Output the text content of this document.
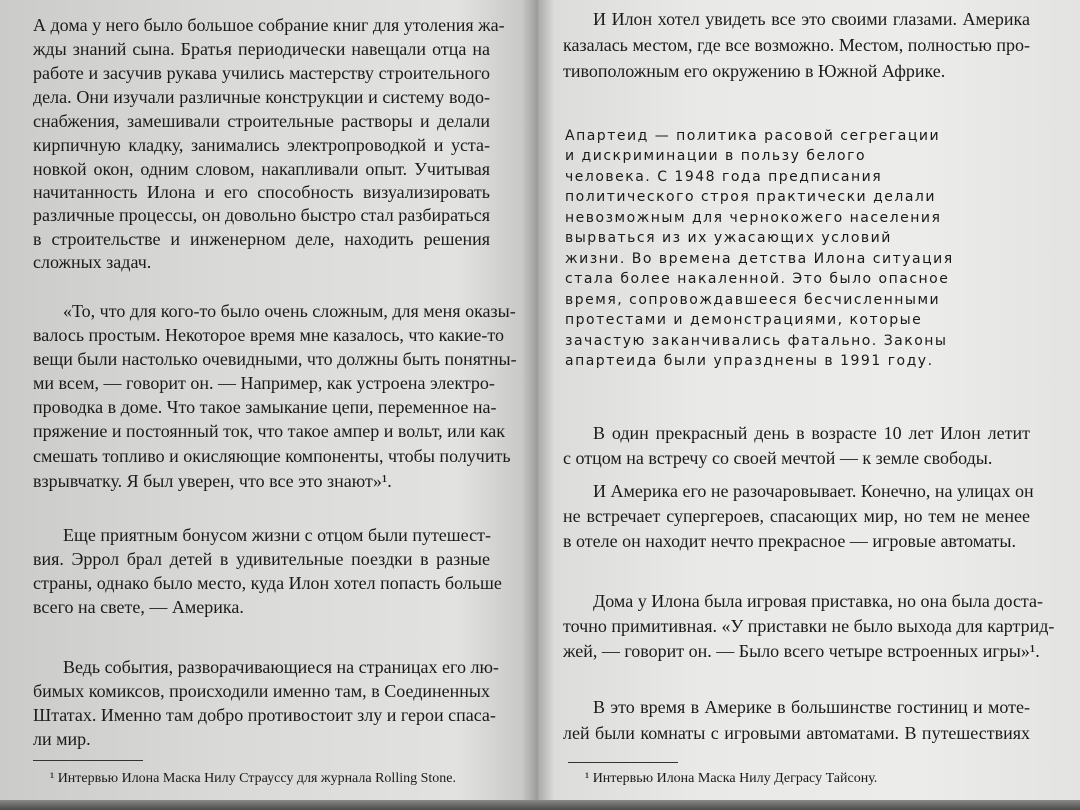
А дома у него было большое собрание книг для утоления жа-
жды знаний сына. Братья периодически навещали отца на
работе и засучив рукава учились мастерству строительного
дела. Они изучали различные конструкции и систему водо-
снабжения, замешивали строительные растворы и делали
кирпичную кладку, занимались электропроводкой и уста-
новкой окон, одним словом, накапливали опыт. Учитывая
начитанность Илона и его способность визуализировать
различные процессы, он довольно быстро стал разбираться
в строительстве и инженерном деле, находить решения
сложных задач.
«То, что для кого-то было очень сложным, для меня оказы-
валось простым. Некоторое время мне казалось, что какие-то
вещи были настолько очевидными, что должны быть понятны-
ми всем, — говорит он. — Например, как устроена электро-
проводка в доме. Что такое замыкание цепи, переменное на-
пряжение и постоянный ток, что такое ампер и вольт, или как
смешать топливо и окисляющие компоненты, чтобы получить
взрывчатку. Я был уверен, что все это знают»¹.
Еще приятным бонусом жизни с отцом были путешест-
вия. Эррол брал детей в удивительные поездки в разные
страны, однако было место, куда Илон хотел попасть больше
всего на свете, — Америка.
Ведь события, разворачивающиеся на страницах его лю-
бимых комиксов, происходили именно там, в Соединенных
Штатах. Именно там добро противостоит злу и герои спаса-
ли мир.
¹ Интервью Илона Маска Нилу Страуссу для журнала Rolling Stone.
И Илон хотел увидеть все это своими глазами. Америка
казалась местом, где все возможно. Местом, полностью про-
тивоположным его окружению в Южной Африке.
Апартеид — политика расовой сегрегации
и дискриминации в пользу белого
человека. С 1948 года предписания
политического строя практически делали
невозможным для чернокожего населения
вырваться из их ужасающих условий
жизни. Во времена детства Илона ситуация
стала более накаленной. Это было опасное
время, сопровождавшееся бесчисленными
протестами и демонстрациями, которые
зачастую заканчивались фатально. Законы
апартеида были упразднены в 1991 году.
В один прекрасный день в возрасте 10 лет Илон летит
с отцом на встречу со своей мечтой — к земле свободы.
И Америка его не разочаровывает. Конечно, на улицах он
не встречает супергероев, спасающих мир, но тем не менее
в отеле он находит нечто прекрасное — игровые автоматы.
Дома у Илона была игровая приставка, но она была доста-
точно примитивная. «У приставки не было выхода для картрид-
жей, — говорит он. — Было всего четыре встроенных игры»¹.
В это время в Америке в большинстве гостиниц и моте-
лей были комнаты с игровыми автоматами. В путешествиях
¹ Интервью Илона Маска Нилу Деграсу Тайсону.
